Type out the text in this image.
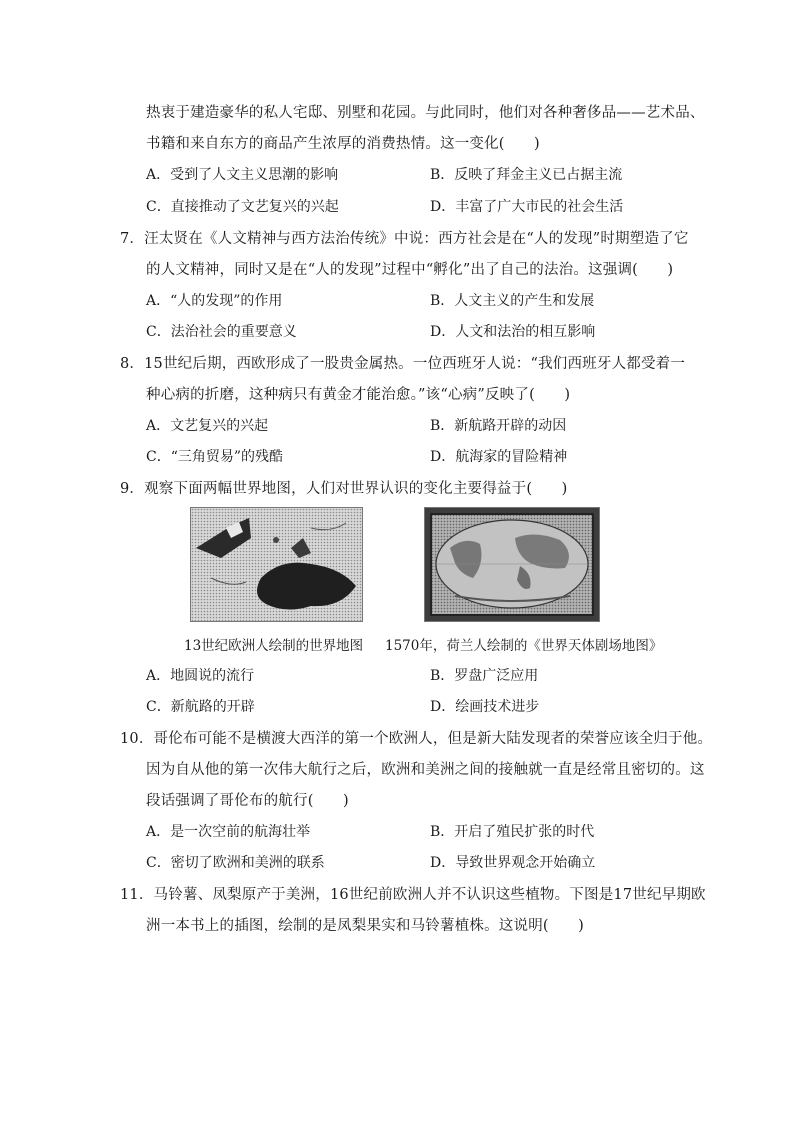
热衷于建造豪华的私人宅邸、别墅和花园。与此同时，他们对各种奢侈品——艺术品、
书籍和来自东方的商品产生浓厚的消费热情。这一变化(　　)
A．受到了人文主义思潮的影响	B．反映了拜金主义已占据主流
C．直接推动了文艺复兴的兴起	D．丰富了广大市民的社会生活
7．汪太贤在《人文精神与西方法治传统》中说：西方社会是在“人的发现”时期塑造了它
的人文精神，同时又是在“人的发现”过程中“孵化”出了自己的法治。这强调(　　)
A．“人的发现”的作用	B．人文主义的产生和发展
C．法治社会的重要意义	D．人文和法治的相互影响
8．15世纪后期，西欧形成了一股贵金属热。一位西班牙人说：“我们西班牙人都受着一
种心病的折磨，这种病只有黄金才能治愈。”该“心病”反映了(　　)
A．文艺复兴的兴起	B．新航路开辟的动因
C．“三角贸易”的残酷	D．航海家的冒险精神
9．观察下面两幅世界地图，人们对世界认识的变化主要得益于(　　)
13世纪欧洲人绘制的世界地图 1570年，荷兰人绘制的《世界天体剧场地图》
A．地圆说的流行	B．罗盘广泛应用
C．新航路的开辟	D．绘画技术进步
10．哥伦布可能不是横渡大西洋的第一个欧洲人，但是新大陆发现者的荣誉应该全归于他。
因为自从他的第一次伟大航行之后，欧洲和美洲之间的接触就一直是经常且密切的。这
段话强调了哥伦布的航行(　　)
A．是一次空前的航海壮举	B．开启了殖民扩张的时代
C．密切了欧洲和美洲的联系	D．导致世界观念开始确立
11．马铃薯、凤梨原产于美洲，16世纪前欧洲人并不认识这些植物。下图是17世纪早期欧
洲一本书上的插图，绘制的是凤梨果实和马铃薯植株。这说明(　　)
